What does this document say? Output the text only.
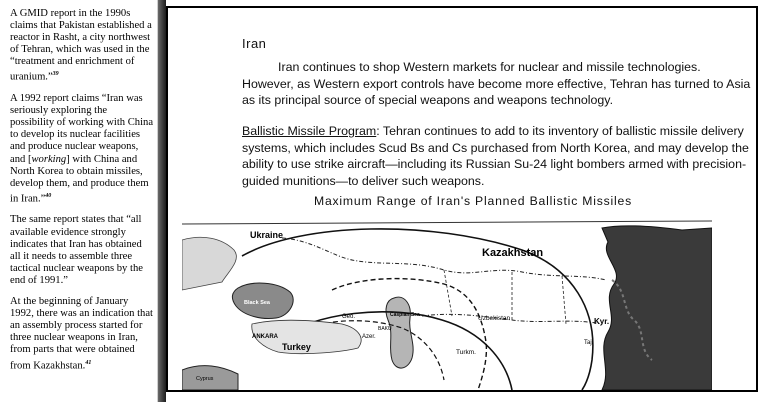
A GMID report in the 1990s claims that Pakistan established a reactor in Rasht, a city northwest of Tehran, which was used in the “treatment and enrichment of uranium.”$^{39}$

A 1992 report claims “Iran was seriously exploring the possibility of working with China to develop its nuclear facilities and produce nuclear weapons, and [working] with China and North Korea to obtain missiles, develop them, and produce them in Iran.”$^{40}$

The same report states that “all available evidence strongly indicates that Iran has obtained all it needs to assemble three tactical nuclear weapons by the end of 1991.”

At the beginning of January 1992, there was an indication that an assembly process started for three nuclear weapons in Iran, from parts that were obtained from Kazakhstan.$^{41}$

Iran
Iran continues to shop Western markets for nuclear and missile technologies. However, as Western export controls have become more effective, Tehran has turned to Asia as its principal source of special weapons and weapons technology.
Ballistic Missile Program: Tehran continues to add to its inventory of ballistic missile delivery systems, which includes Scud Bs and Cs purchased from North Korea, and may develop the ability to use strike aircraft—including its Russian Su-24 light bombers armed with precision-guided munitions—to deliver such weapons.
Maximum Range of Iran's Planned Ballistic Missiles
Ukraine
Kazakhstan
Black Sea
ANKARA
Turkey
Geo.
Azer.
BAKU
Caspian Sea	Uzbekistan
Turkm.
Kyr.
Taj.
Cyprus
